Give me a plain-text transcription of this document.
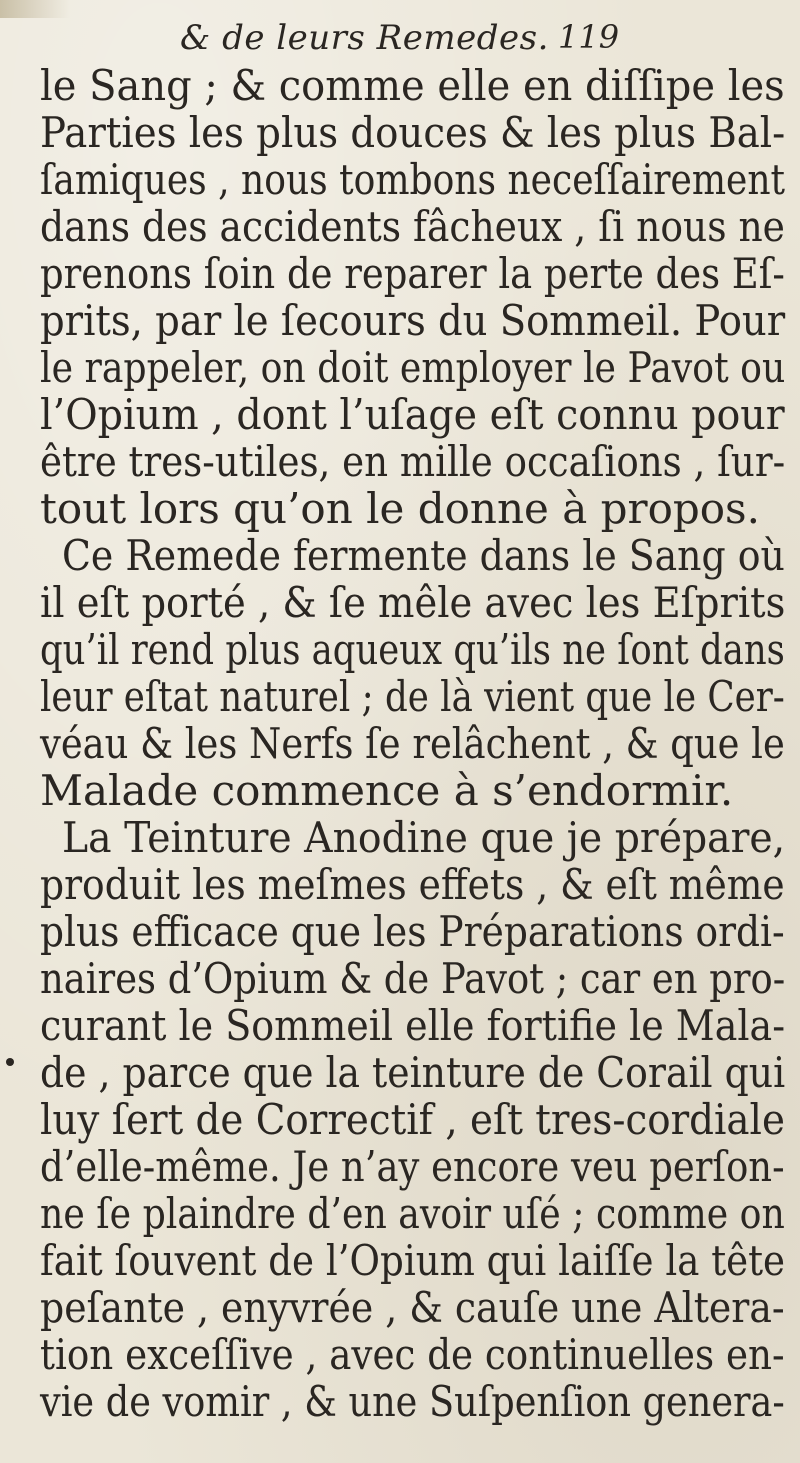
& de leurs Remedes. 119
le Sang ; & comme elle en diſſipe les
Parties les plus douces & les plus Bal-
ſamiques , nous tombons neceſſairement
dans des accidents fâcheux , ſi nous ne
prenons ſoin de reparer la perte des Eſ-
prits, par le ſecours du Sommeil. Pour
le rappeler, on doit employer le Pavot ou
l’Opium , dont l’uſage eſt connu pour
être tres-utiles, en mille occaſions , ſur-
tout lors qu’on le donne à propos.
Ce Remede fermente dans le Sang où
il eſt porté , & ſe mêle avec les Eſprits
qu’il rend plus aqueux qu’ils ne ſont dans
leur eſtat naturel ; de là vient que le Cer-
véau & les Nerfs ſe relâchent , & que le
Malade commence à s’endormir.
La Teinture Anodine que je prépare,
produit les meſmes effets , & eſt même
plus efficace que les Préparations ordi-
naires d’Opium & de Pavot ; car en pro-
curant le Sommeil elle fortifie le Mala-
de , parce que la teinture de Corail qui
luy ſert de Correctif , eſt tres-cordiale
d’elle-même. Je n’ay encore veu perſon-
ne ſe plaindre d’en avoir uſé ; comme on
fait ſouvent de l’Opium qui laiſſe la tête
peſante , enyvrée , & cauſe une Altera-
tion exceſſive , avec de continuelles en-
vie de vomir , & une Suſpenſion genera-
